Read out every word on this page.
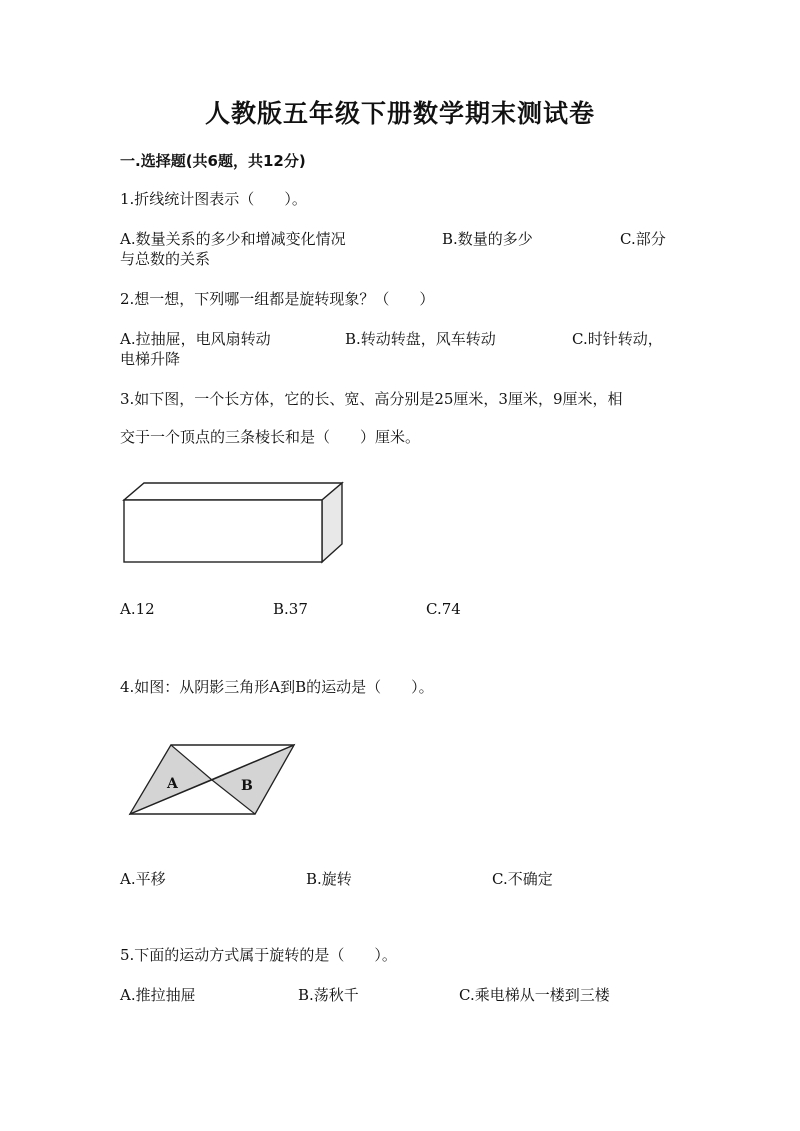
人教版五年级下册数学期末测试卷
一.选择题(共6题，共12分)
1.折线统计图表示（　　）。
A.数量关系的多少和增减变化情况	B.数量的多少	C.部分
与总数的关系
2.想一想，下列哪一组都是旋转现象？（　　）
A.拉抽屉，电风扇转动	B.转动转盘，风车转动	C.时针转动，
电梯升降
3.如下图，一个长方体，它的长、宽、高分别是25厘米，3厘米，9厘米，相
交于一个顶点的三条棱长和是（　　）厘米。
A.12	B.37	C.74
4.如图：从阴影三角形A到B的运动是（　　）。
A	B
A.平移	B.旋转	C.不确定
5.下面的运动方式属于旋转的是（　　）。
A.推拉抽屉	B.荡秋千	C.乘电梯从一楼到三楼
